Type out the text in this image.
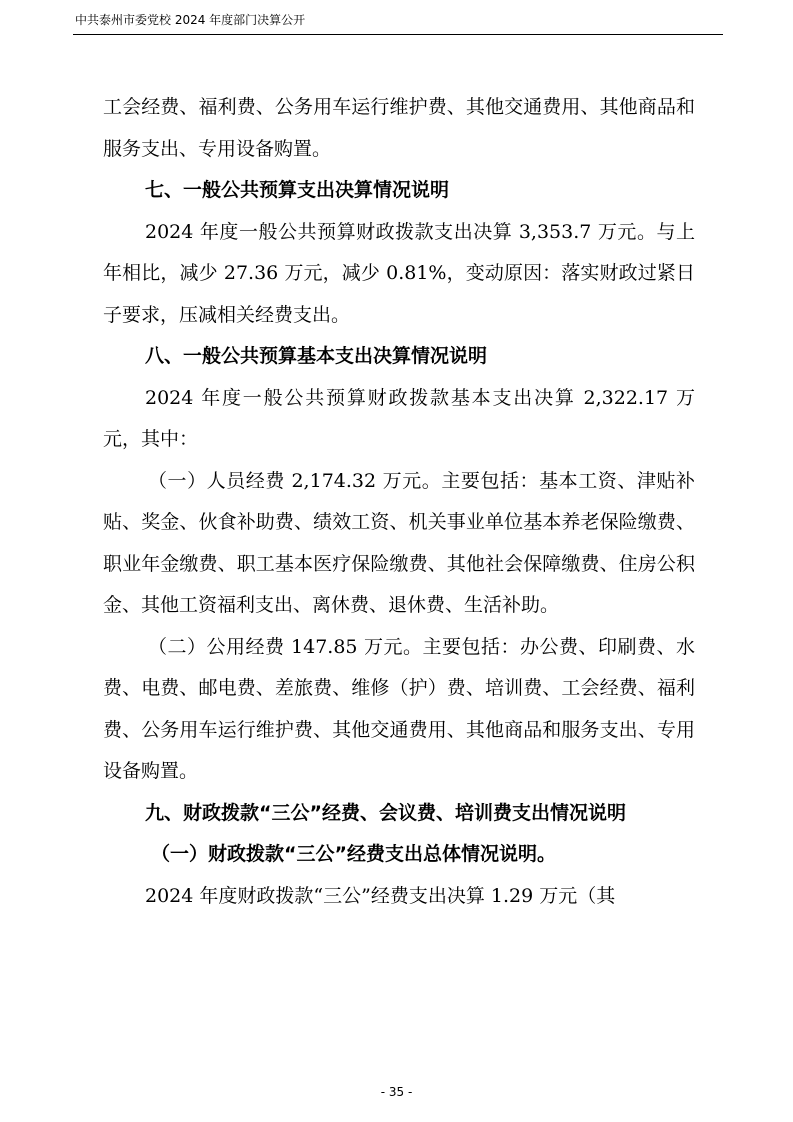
中共泰州市委党校 2024 年度部门决算公开

工会经费、福利费、公务用车运行维护费、其他交通费用、其他商品和服务支出、专用设备购置。

七、一般公共预算支出决算情况说明

2024 年度一般公共预算财政拨款支出决算 3,353.7 万元。与上年相比，减少 27.36 万元，减少 0.81%，变动原因：落实财政过紧日子要求，压减相关经费支出。

八、一般公共预算基本支出决算情况说明

2024 年度一般公共预算财政拨款基本支出决算 2,322.17 万元，其中：

（一）人员经费 2,174.32 万元。主要包括：基本工资、津贴补贴、奖金、伙食补助费、绩效工资、机关事业单位基本养老保险缴费、职业年金缴费、职工基本医疗保险缴费、其他社会保障缴费、住房公积金、其他工资福利支出、离休费、退休费、生活补助。

（二）公用经费 147.85 万元。主要包括：办公费、印刷费、水费、电费、邮电费、差旅费、维修（护）费、培训费、工会经费、福利费、公务用车运行维护费、其他交通费用、其他商品和服务支出、专用设备购置。

九、财政拨款“三公”经费、会议费、培训费支出情况说明

（一）财政拨款“三公”经费支出总体情况说明。

2024 年度财政拨款“三公”经费支出决算 1.29 万元（其

- 35 -
